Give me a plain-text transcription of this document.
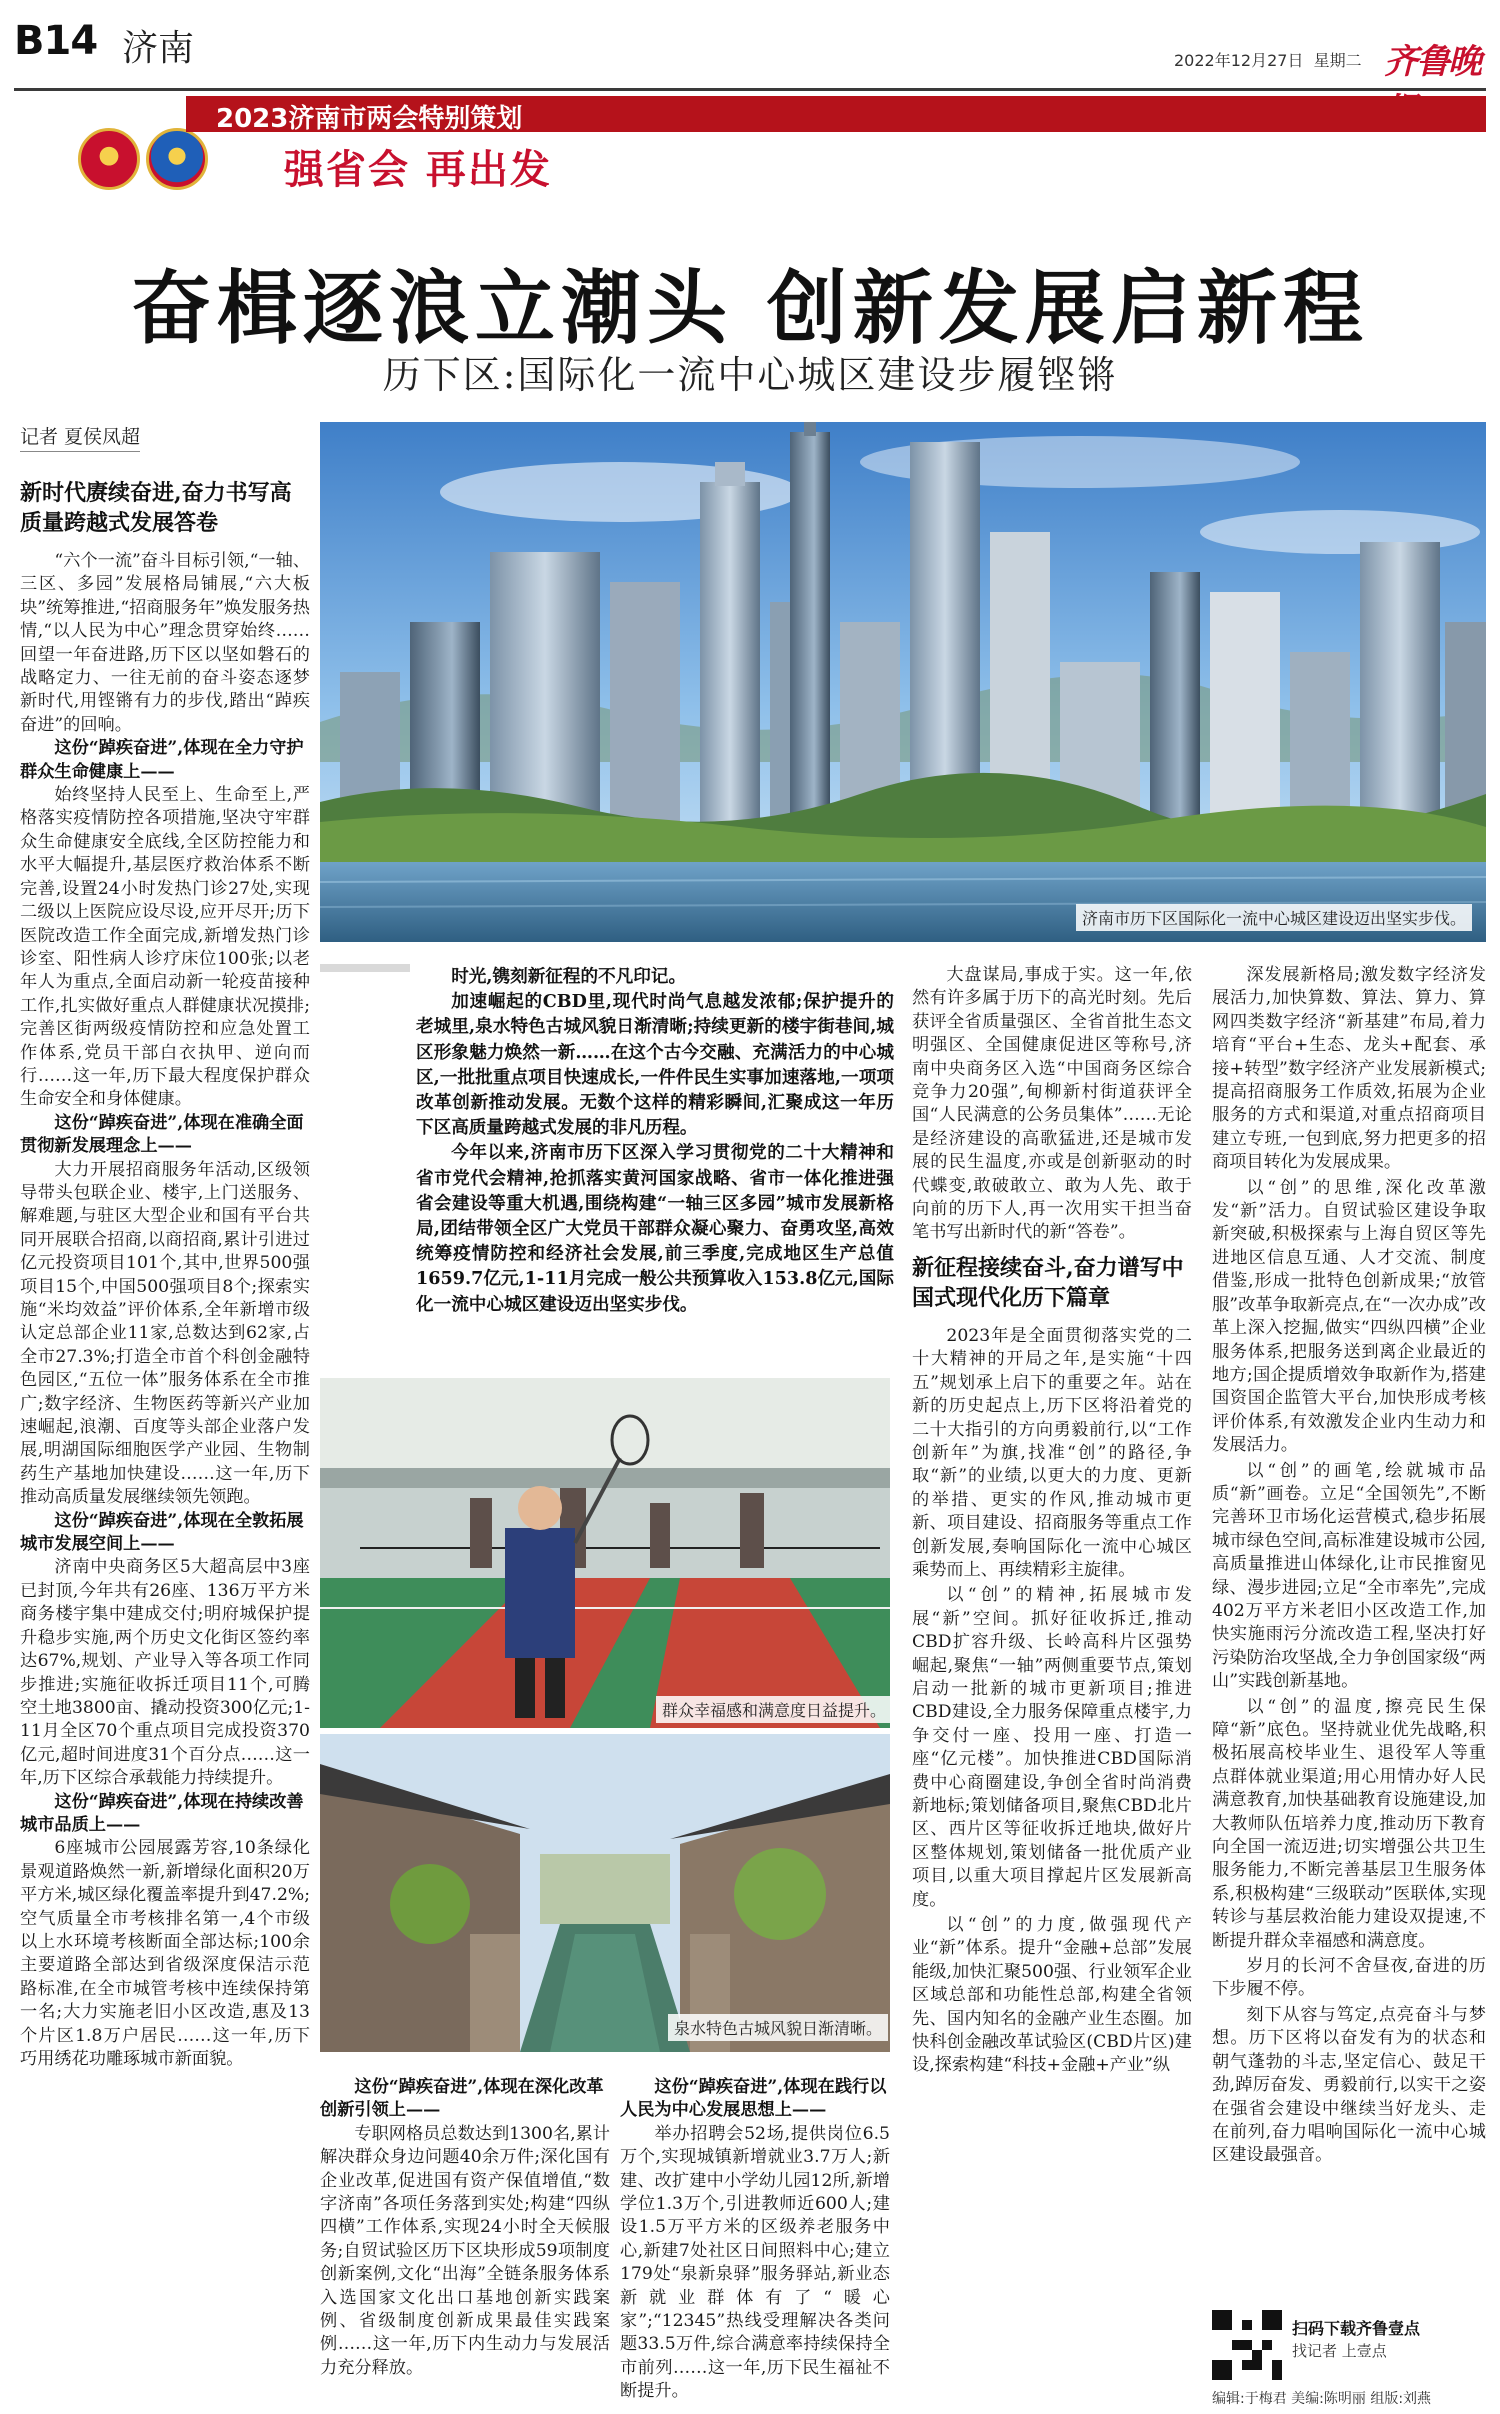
B14 济南	2022年12月27日 星期二 齐鲁晚
2023济南市两会特别策划
强省会 再出发
奋楫逐浪立潮头 创新发展启新程
历下区:国际化一流中心城区建设步履铿锵
记者 夏侯凤超
新时代赓续奋进,奋力书写高质量跨越式发展答卷

“六个一流”奋斗目标引领,“一轴、三区、多园”发展格局铺展,“六大板块”统筹推进,“招商服务年”焕发服务热情,“以人民为中心”理念贯穿始终……回望一年奋进路,历下区以坚如磐石的战略定力、一往无前的奋斗姿态逐梦新时代,用铿锵有力的步伐,踏出“踔疾奋进”的回响。

这份“踔疾奋进”,体现在全力守护群众生命健康上——

始终坚持人民至上、生命至上,严格落实疫情防控各项措施,坚决守牢群众生命健康安全底线,全区防控能力和水平大幅提升,基层医疗救治体系不断完善,设置24小时发热门诊27处,实现二级以上医院应设尽设,应开尽开;历下医院改造工作全面完成,新增发热门诊诊室、阳性病人诊疗床位100张;以老年人为重点,全面启动新一轮疫苗接种工作,扎实做好重点人群健康状况摸排;完善区街两级疫情防控和应急处置工作体系,党员干部白衣执甲、逆向而行……这一年,历下最大程度保护群众生命安全和身体健康。

这份“踔疾奋进”,体现在准确全面贯彻新发展理念上——

大力开展招商服务年活动,区级领导带头包联企业、楼宇,上门送服务、解难题,与驻区大型企业和国有平台共同开展联合招商,以商招商,累计引进过亿元投资项目101个,其中,世界500强项目15个,中国500强项目8个;探索实施“米均效益”评价体系,全年新增市级认定总部企业11家,总数达到62家,占全市27.3%;打造全市首个科创金融特色园区,“五位一体”服务体系在全市推广;数字经济、生物医药等新兴产业加速崛起,浪潮、百度等头部企业落户发展,明湖国际细胞医学产业园、生物制药生产基地加快建设……这一年,历下推动高质量发展继续领先领跑。

这份“踔疾奋进”,体现在全敦拓展城市发展空间上——

济南中央商务区5大超高层中3座已封顶,今年共有26座、136万平方米商务楼宇集中建成交付;明府城保护提升稳步实施,两个历史文化街区签约率达67%,规划、产业导入等各项工作同步推进;实施征收拆迁项目11个,可腾空土地3800亩、撬动投资300亿元;1-11月全区70个重点项目完成投资370亿元,超时间进度31个百分点……这一年,历下区综合承载能力持续提升。

这份“踔疾奋进”,体现在持续改善城市品质上——

6座城市公园展露芳容,10条绿化景观道路焕然一新,新增绿化面积20万平方米,城区绿化覆盖率提升到47.2%;空气质量全市考核排名第一,4个市级以上水环境考核断面全部达标;100余主要道路全部达到省级深度保洁示范路标准,在全市城管考核中连续保持第一名;大力实施老旧小区改造,惠及13个片区1.8万户居民……这一年,历下巧用绣花功雕琢城市新面貌。

济南市历下区国际化一流中心城区建设迈出坚实步伐。

时光,镌刻新征程的不凡印记。

加速崛起的CBD里,现代时尚气息越发浓郁;保护提升的老城里,泉水特色古城风貌日渐清晰;持续更新的楼宇街巷间,城区形象魅力焕然一新……在这个古今交融、充满活力的中心城区,一批批重点项目快速成长,一件件民生实事加速落地,一项项改革创新推动发展。无数个这样的精彩瞬间,汇聚成这一年历下区高质量跨越式发展的非凡历程。

今年以来,济南市历下区深入学习贯彻党的二十大精神和省市党代会精神,抢抓落实黄河国家战略、省市一体化推进强省会建设等重大机遇,围绕构建“一轴三区多园”城市发展新格局,团结带领全区广大党员干部群众凝心聚力、奋勇攻坚,高效统筹疫情防控和经济社会发展,前三季度,完成地区生产总值1659.7亿元,1-11月完成一般公共预算收入153.8亿元,国际化一流中心城区建设迈出坚实步伐。

群众幸福感和满意度日益提升。
泉水特色古城风貌日渐清晰。

这份“踔疾奋进”,体现在深化改革创新引领上——

专职网格员总数达到1300名,累计解决群众身边问题40余万件;深化国有企业改革,促进国有资产保值增值,“数字济南”各项任务落到实处;构建“四纵四横”工作体系,实现24小时全天候服务;自贸试验区历下区块形成59项制度创新案例,文化“出海”全链条服务体系入选国家文化出口基地创新实践案例、省级制度创新成果最佳实践案例……这一年,历下内生动力与发展活力充分释放。

这份“踔疾奋进”,体现在践行以人民为中心发展思想上——

举办招聘会52场,提供岗位6.5万个,实现城镇新增就业3.7万人;新建、改扩建中小学幼儿园12所,新增学位1.3万个,引进教师近600人;建设1.5万平方米的区级养老服务中心,新建7处社区日间照料中心;建立179处“泉新泉驿”服务驿站,新业态新就业群体有了“暖心家”;“12345”热线受理解决各类问题33.5万件,综合满意率持续保持全市前列……这一年,历下民生福祉不断提升。

大盘谋局,事成于实。这一年,依然有许多属于历下的高光时刻。先后获评全省质量强区、全省首批生态文明强区、全国健康促进区等称号,济南中央商务区入选“中国商务区综合竞争力20强”,甸柳新村街道获评全国“人民满意的公务员集体”……无论是经济建设的高歌猛进,还是城市发展的民生温度,亦或是创新驱动的时代蝶变,敢破敢立、敢为人先、敢于向前的历下人,再一次用实干担当奋笔书写出新时代的新“答卷”。

新征程接续奋斗,奋力谱写中国式现代化历下篇章

2023年是全面贯彻落实党的二十大精神的开局之年,是实施“十四五”规划承上启下的重要之年。站在新的历史起点上,历下区将沿着党的二十大指引的方向勇毅前行,以“工作创新年”为旗,找准“创”的路径,争取“新”的业绩,以更大的力度、更新的举措、更实的作风,推动城市更新、项目建设、招商服务等重点工作创新发展,奏响国际化一流中心城区乘势而上、再续精彩主旋律。

以“创”的精神,拓展城市发展“新”空间。抓好征收拆迁,推动CBD扩容升级、长岭高科片区强势崛起,聚焦“一轴”两侧重要节点,策划启动一批新的城市更新项目;推进CBD建设,全力服务保障重点楼宇,力争交付一座、投用一座、打造一座“亿元楼”。加快推进CBD国际消费中心商圈建设,争创全省时尚消费新地标;策划储备项目,聚焦CBD北片区、西片区等征收拆迁地块,做好片区整体规划,策划储备一批优质产业项目,以重大项目撑起片区发展新高度。

以“创”的力度,做强现代产业“新”体系。提升“金融+总部”发展能级,加快汇聚500强、行业领军企业区域总部和功能性总部,构建全省领先、国内知名的金融产业生态圈。加快科创金融改革试验区(CBD片区)建设,探索构建“科技+金融+产业”纵

深发展新格局;激发数字经济发展活力,加快算数、算法、算力、算网四类数字经济“新基建”布局,着力培育“平台+生态、龙头+配套、承接+转型”数字经济产业发展新模式;提高招商服务工作质效,拓展为企业服务的方式和渠道,对重点招商项目建立专班,一包到底,努力把更多的招商项目转化为发展成果。

以“创”的思维,深化改革激发“新”活力。自贸试验区建设争取新突破,积极探索与上海自贸区等先进地区信息互通、人才交流、制度借鉴,形成一批特色创新成果;“放管服”改革争取新亮点,在“一次办成”改革上深入挖掘,做实“四纵四横”企业服务体系,把服务送到离企业最近的地方;国企提质增效争取新作为,搭建国资国企监管大平台,加快形成考核评价体系,有效激发企业内生动力和发展活力。

以“创”的画笔,绘就城市品质“新”画卷。立足“全国领先”,不断完善环卫市场化运营模式,稳步拓展城市绿色空间,高标准建设城市公园,高质量推进山体绿化,让市民推窗见绿、漫步进园;立足“全市率先”,完成402万平方米老旧小区改造工作,加快实施雨污分流改造工程,坚决打好污染防治攻坚战,全力争创国家级“两山”实践创新基地。

以“创”的温度,擦亮民生保障“新”底色。坚持就业优先战略,积极拓展高校毕业生、退役军人等重点群体就业渠道;用心用情办好人民满意教育,加快基础教育设施建设,加大教师队伍培养力度,推动历下教育向全国一流迈进;切实增强公共卫生服务能力,不断完善基层卫生服务体系,积极构建“三级联动”医联体,实现转诊与基层救治能力建设双提速,不断提升群众幸福感和满意度。

岁月的长河不舍昼夜,奋进的历下步履不停。

刻下从容与笃定,点亮奋斗与梦想。历下区将以奋发有为的状态和朝气蓬勃的斗志,坚定信心、鼓足干劲,踔厉奋发、勇毅前行,以实干之姿在强省会建设中继续当好龙头、走在前列,奋力唱响国际化一流中心城区建设最强音。

扫码下载齐鲁壹点
找记者 上壹点
编辑:于梅君 美编:陈明丽 组版:刘燕
